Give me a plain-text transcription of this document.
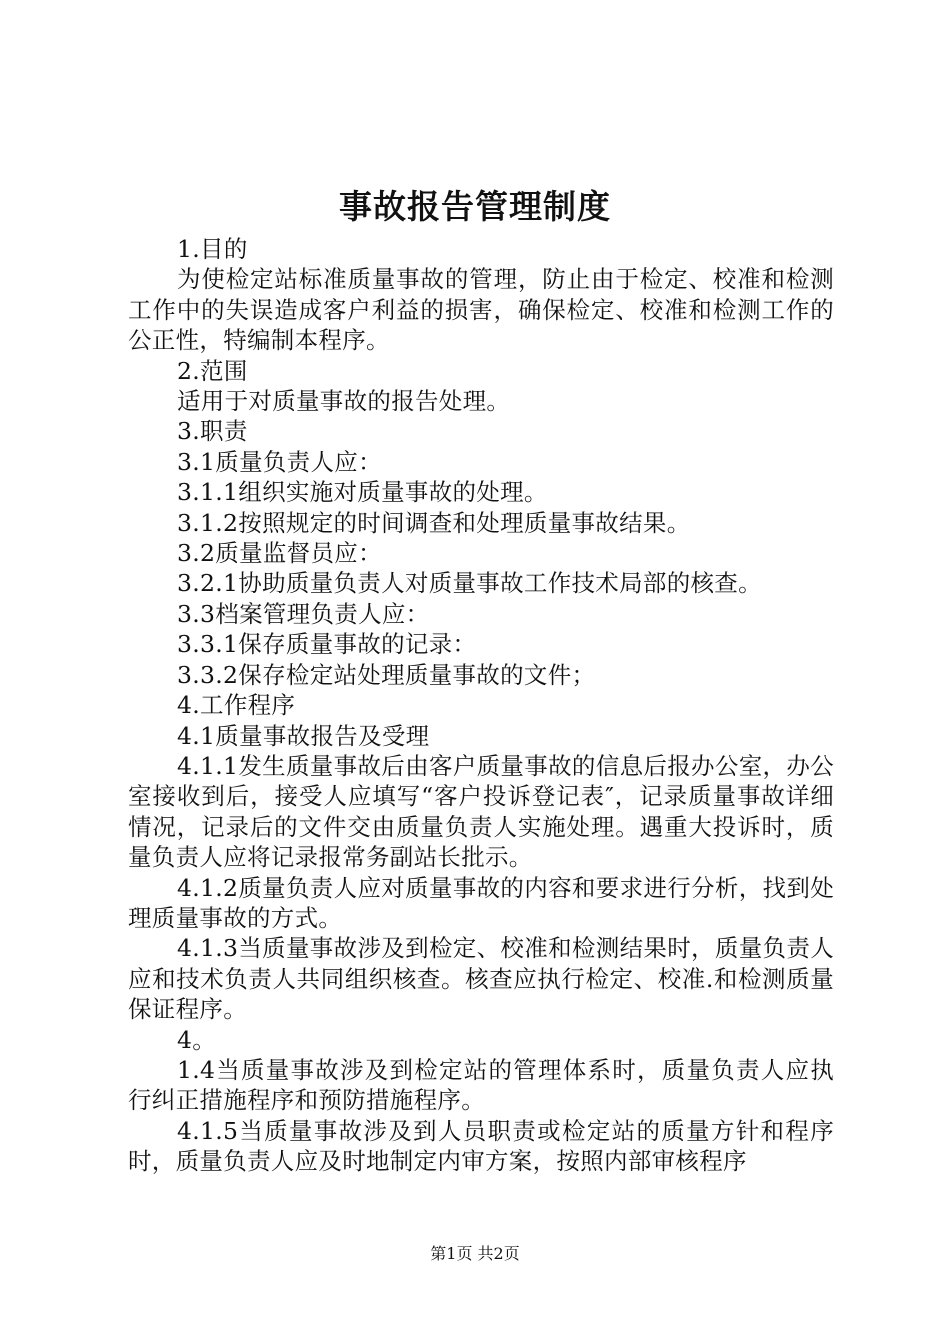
事故报告管理制度

1.目的

为使检定站标准质量事故的管理，防止由于检定、校准和检测工作中的失误造成客户利益的损害，确保检定、校准和检测工作的公正性，特编制本程序。

2.范围

适用于对质量事故的报告处理。

3.职责

3.1质量负责人应：

3.1.1组织实施对质量事故的处理。

3.1.2按照规定的时间调查和处理质量事故结果。

3.2质量监督员应：

3.2.1协助质量负责人对质量事故工作技术局部的核查。

3.3档案管理负责人应：

3.3.1保存质量事故的记录：

3.3.2保存检定站处理质量事故的文件；

4.工作程序

4.1质量事故报告及受理

4.1.1发生质量事故后由客户质量事故的信息后报办公室，办公室接收到后，接受人应填写“客户投诉登记表″，记录质量事故详细情况，记录后的文件交由质量负责人实施处理。遇重大投诉时，质量负责人应将记录报常务副站长批示。

4.1.2质量负责人应对质量事故的内容和要求进行分析，找到处理质量事故的方式。

4.1.3当质量事故涉及到检定、校准和检测结果时，质量负责人应和技术负责人共同组织核查。核查应执行检定、校准.和检测质量保证程序。

4。

1.4当质量事故涉及到检定站的管理体系时，质量负责人应执行纠正措施程序和预防措施程序。

4.1.5当质量事故涉及到人员职责或检定站的质量方针和程序时，质量负责人应及时地制定内审方案，按照内部审核程序

第1页 共2页
